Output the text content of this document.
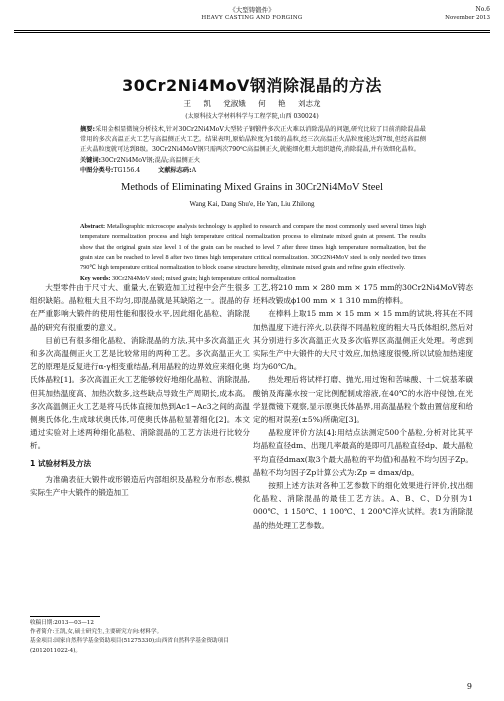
《大型铸锻件》
HEAVY CASTING AND FORGING
No.6
November 2013
30Cr2Ni4MoV钢消除混晶的方法
王 凯 党淑娥 何 艳 刘志龙
(太原科技大学材料科学与工程学院,山西 030024)
摘要:采用金相显微镜分析技术,针对30Cr2Ni4MoV大型转子钢锻件多次正火难以消除混晶的问题,研究比较了目前消除混晶最常用的多次高温正火工艺与高温侧正火工艺。结果表明,原始晶粒度为1级的晶粒,经三次高温正火晶粒度能达到7级,但经高温侧正火晶粒度就可达到8级。30Cr2Ni4MoV钢只需两次790℃高温侧正火,就能细化粗大组织遗传,消除混晶,并有效细化晶粒。
关键词:30Cr2Ni4MoV钢;混晶;高温侧正火
中图分类号:TG156.4	文献标志码:A
Methods of Eliminating Mixed Grains in 30Cr2Ni4MoV Steel
Wang Kai, Dang Shu'e, He Yan, Liu Zhilong
Abstract: Metallographic microscope analysis technology is applied to research and compare the most commonly used several times high temperature normalization process and high temperature critical normalization process to eliminate mixed grain at present. The results show that the original grain size level 1 of the grain can be reached to level 7 after three times high temperature normalization, but the grain size can be reached to level 8 after two times high temperature critical normalization. 30Cr2Ni4MoV steel is only needed two times 790℃ high temperature critical normalization to block coarse structure heredity, eliminate mixed grain and refine grain effectively.
Key words: 30Cr2Ni4MoV steel; mixed grain; high temperature critical normalization

大型零件由于尺寸大、重量大,在锻造加工过程中会产生很多组织缺陷。晶粒粗大且不均匀,即混晶就是其缺陷之一。混晶的存在严重影响大锻件的使用性能和服役水平,因此细化晶粒、消除混晶的研究有很重要的意义。

目前已有很多细化晶粒、消除混晶的方法,其中多次高温正火和多次高温侧正火工艺是比较常用的两种工艺。多次高温正火工艺的原理是反复进行α-γ相变重结晶,利用晶粒的边界效应来细化奥氏体晶粒[1]。多次高温正火工艺能够较好地细化晶粒、消除混晶,但其加热温度高、加热次数多,这些缺点导致生产周期长,成本高。多次高温侧正火工艺是将马氏体直接加热到Ac1~Ac3之间的高温侧奥氏体化,生成球状奥氏体,可使奥氏体晶粒显著细化[2]。本文通过实验对上述两种细化晶粒、消除混晶的工艺方法进行比较分析。

1 试验材料及方法

为准确表征大锻件或形锻造后内部组织及晶粒分布形态,模拟实际生产中大锻件的锻造加工

工艺,将210 mm × 280 mm × 175 mm的30Cr2Ni4MoV铸态坯料改锻成ϕ100 mm × 1 310 mm的棒料。

在棒料上取15 mm × 15 mm × 15 mm的试块,将其在不同加热温度下进行淬火,以获得不同晶粒度的粗大马氏体组织,然后对其分别进行多次高温正火及多次临界区高温侧正火处理。考虑到实际生产中大锻件的大尺寸效应,加热速度很慢,所以试验加热速度均为60℃/h。

热处理后将试样打磨、抛光,用过饱和苦味酸、十二烷基苯磺酸钠及海藻水按一定比例配制成溶液,在40℃的水浴中侵蚀,在光学显微镜下观察,显示原奥氏体晶界,用高温晶粒个数由置信度和给定的相对误差(±5%)所确定[3]。

晶粒度评价方法[4]:用结点法测定500个晶粒,分析对比其平均晶粒直径dm、出现几率最高的是即可几晶粒直径dp、最大晶粒平均直径dmax(取3个最大晶粒的平均值)和晶粒不均匀因子Zp。晶粒不均匀因子Zp计算公式为:Zp = dmax/dp。

按照上述方法对各种工艺参数下的细化效果进行评价,找出细化晶粒、消除混晶的最佳工艺方法。A、B、C、D分别为1 000℃、1 150℃、1 100℃、1 200℃淬火试样。表1为消除混晶的热处理工艺参数。

收稿日期:2013—03—12
作者简介:王凯,女,硕士研究生,主要研究方向:材料学。
基金项目:国家自然科学基金资助项目(51275330);山西省自然科学基金资助项目(2012011022-4)。
9
